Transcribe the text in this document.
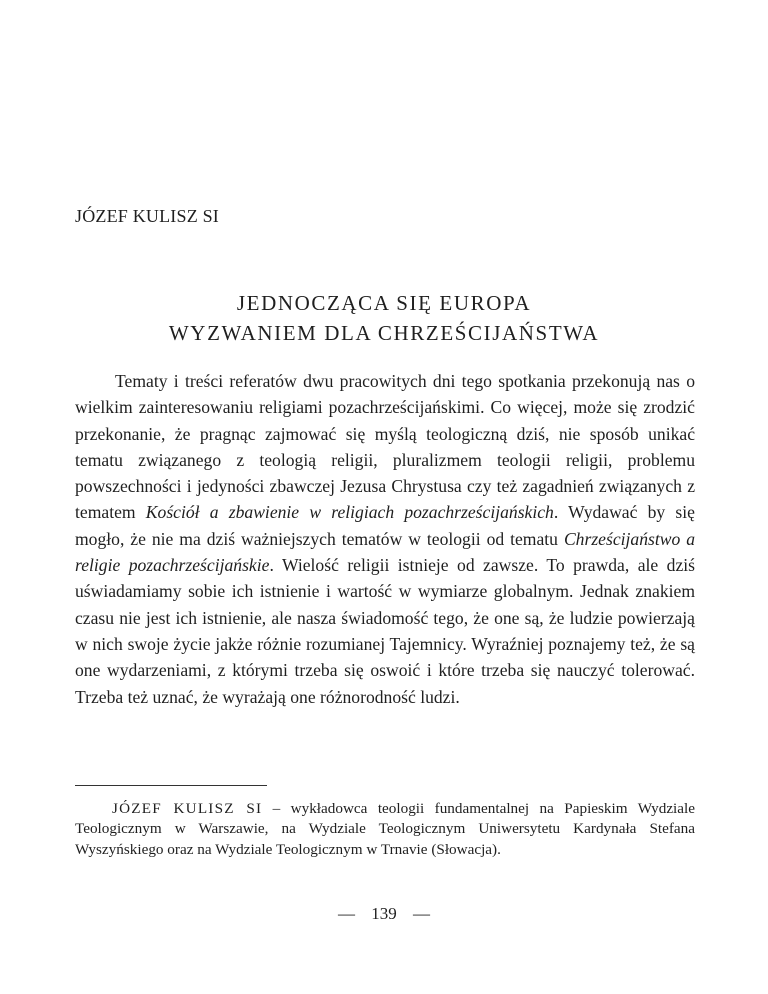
JÓZEF KULISZ SI
JEDNOCZĄCA SIĘ EUROPA
WYZWANIEM DLA CHRZEŚCIJAŃSTWA

Tematy i treści referatów dwu pracowitych dni tego spotkania przekonują nas o wielkim zainteresowaniu religiami pozachrześcijańskimi. Co więcej, może się zrodzić przekonanie, że pragnąc zajmować się myślą teologiczną dziś, nie sposób unikać tematu związanego z teologią religii, pluralizmem teologii religii, problemu powszechności i jedyności zbawczej Jezusa Chrystusa czy też zagadnień związanych z tematem Kościół a zbawienie w religiach pozachrześcijańskich. Wydawać by się mogło, że nie ma dziś ważniejszych tematów w teologii od tematu Chrześcijaństwo a religie pozachrześcijańskie. Wielość religii istnieje od zawsze. To prawda, ale dziś uświadamiamy sobie ich istnienie i wartość w wymiarze globalnym. Jednak znakiem czasu nie jest ich istnienie, ale nasza świadomość tego, że one są, że ludzie powierzają w nich swoje życie jakże różnie rozumianej Tajemnicy. Wyraźniej poznajemy też, że są one wydarzeniami, z którymi trzeba się oswoić i które trzeba się nauczyć tolerować. Trzeba też uznać, że wyrażają one różnorodność ludzi.

JÓZEF KULISZ SI – wykładowca teologii fundamentalnej na Papieskim Wydziale Teologicznym w Warszawie, na Wydziale Teologicznym Uniwersytetu Kardynała Stefana Wyszyńskiego oraz na Wydziale Teologicznym w Trnavie (Słowacja).

— 139 —
